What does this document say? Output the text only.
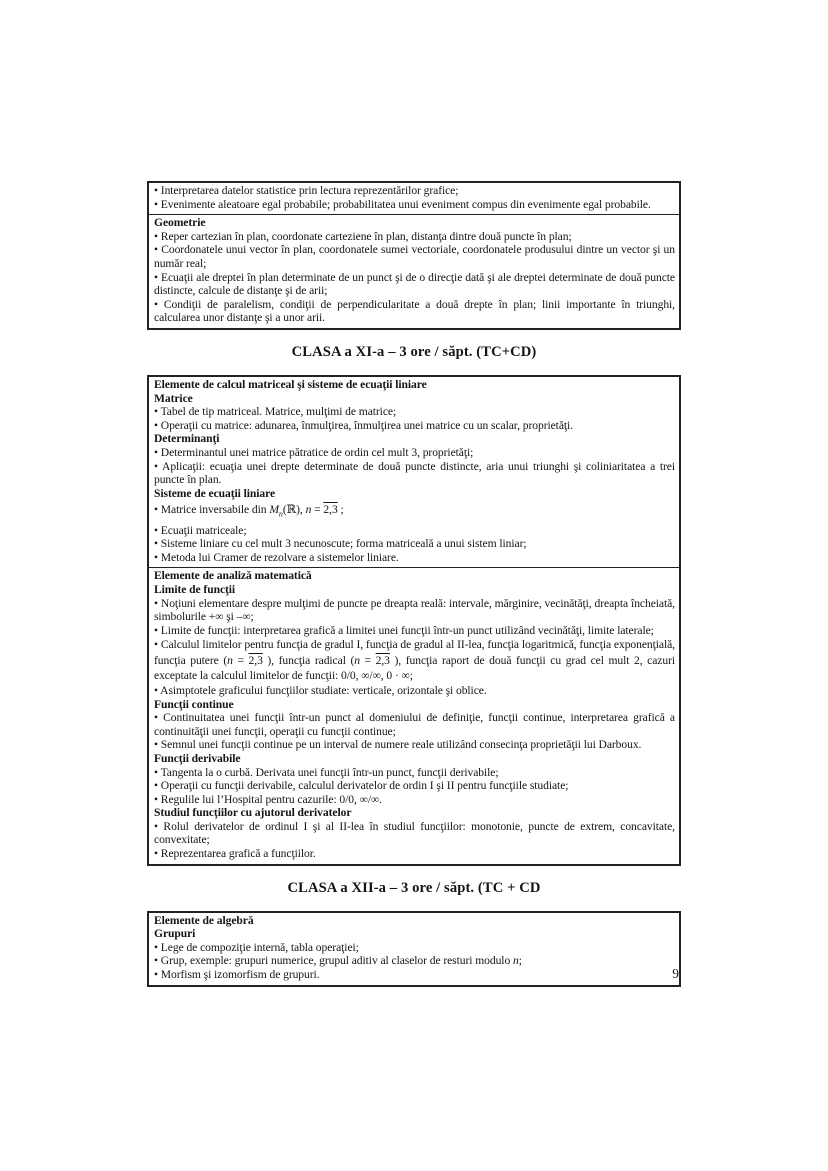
• Interpretarea datelor statistice prin lectura reprezentărilor grafice;

• Evenimente aleatoare egal probabile; probabilitatea unui eveniment compus din evenimente egal probabile.

Geometrie

• Reper cartezian în plan, coordonate carteziene în plan, distanţa dintre două puncte în plan;

• Coordonatele unui vector în plan, coordonatele sumei vectoriale, coordonatele produsului dintre un vector şi un număr real;

• Ecuaţii ale dreptei în plan determinate de un punct şi de o direcţie dată şi ale dreptei determinate de două puncte distincte, calcule de distanţe şi de arii;

• Condiţii de paralelism, condiţii de perpendicularitate a două drepte în plan; linii importante în triunghi, calcularea unor distanţe şi a unor arii.

CLASA a XI-a – 3 ore / săpt. (TC+CD)

Elemente de calcul matriceal şi sisteme de ecuaţii liniare

Matrice

• Tabel de tip matriceal. Matrice, mulţimi de matrice;

• Operaţii cu matrice: adunarea, înmulţirea, înmulţirea unei matrice cu un scalar, proprietăţi.

Determinanţi

• Determinantul unei matrice pătratice de ordin cel mult 3, proprietăţi;

• Aplicaţii: ecuaţia unei drepte determinate de două puncte distincte, aria unui triunghi şi coliniaritatea a trei puncte în plan.

Sisteme de ecuaţii liniare

• Matrice inversabile din $M_n(ℝ)$, n = 2,3 ;

• Ecuaţii matriceale;

• Sisteme liniare cu cel mult 3 necunoscute; forma matriceală a unui sistem liniar;

• Metoda lui Cramer de rezolvare a sistemelor liniare.

Elemente de analiză matematică

Limite de funcţii

• Noţiuni elementare despre mulţimi de puncte pe dreapta reală: intervale, mărginire, vecinătăţi, dreapta încheiată, simbolurile +∞ şi –∞;

• Limite de funcţii: interpretarea grafică a limitei unei funcţii într-un punct utilizând vecinătăţi, limite laterale;

• Calculul limitelor pentru funcţia de gradul I, funcţia de gradul al II-lea, funcţia logaritmică, funcţia exponenţială, funcţia putere (n = 2,3 ), funcţia radical (n = 2,3 ), funcţia raport de două funcţii cu grad cel mult 2, cazuri exceptate la calculul limitelor de funcţii: 0/0, ∞/∞, 0 · ∞;

• Asimptotele graficului funcţiilor studiate: verticale, orizontale şi oblice.

Funcţii continue

• Continuitatea unei funcţii într-un punct al domeniului de definiţie, funcţii continue, interpretarea grafică a continuităţii unei funcţii, operaţii cu funcţii continue;

• Semnul unei funcţii continue pe un interval de numere reale utilizând consecinţa proprietăţii lui Darboux.

Funcţii derivabile

• Tangenta la o curbă. Derivata unei funcţii într-un punct, funcţii derivabile;

• Operaţii cu funcţii derivabile, calculul derivatelor de ordin I şi II pentru funcţiile studiate;

• Regulile lui l’Hospital pentru cazurile: 0/0, ∞/∞.

Studiul funcţiilor cu ajutorul derivatelor

• Rolul derivatelor de ordinul I şi al II-lea în studiul funcţiilor: monotonie, puncte de extrem, concavitate, convexitate;

• Reprezentarea grafică a funcţiilor.

CLASA a XII-a – 3 ore / săpt. (TC + CD

Elemente de algebră

Grupuri

• Lege de compoziţie internă, tabla operaţiei;

• Grup, exemple: grupuri numerice, grupul aditiv al claselor de resturi modulo n;

• Morfism şi izomorfism de grupuri.	9
